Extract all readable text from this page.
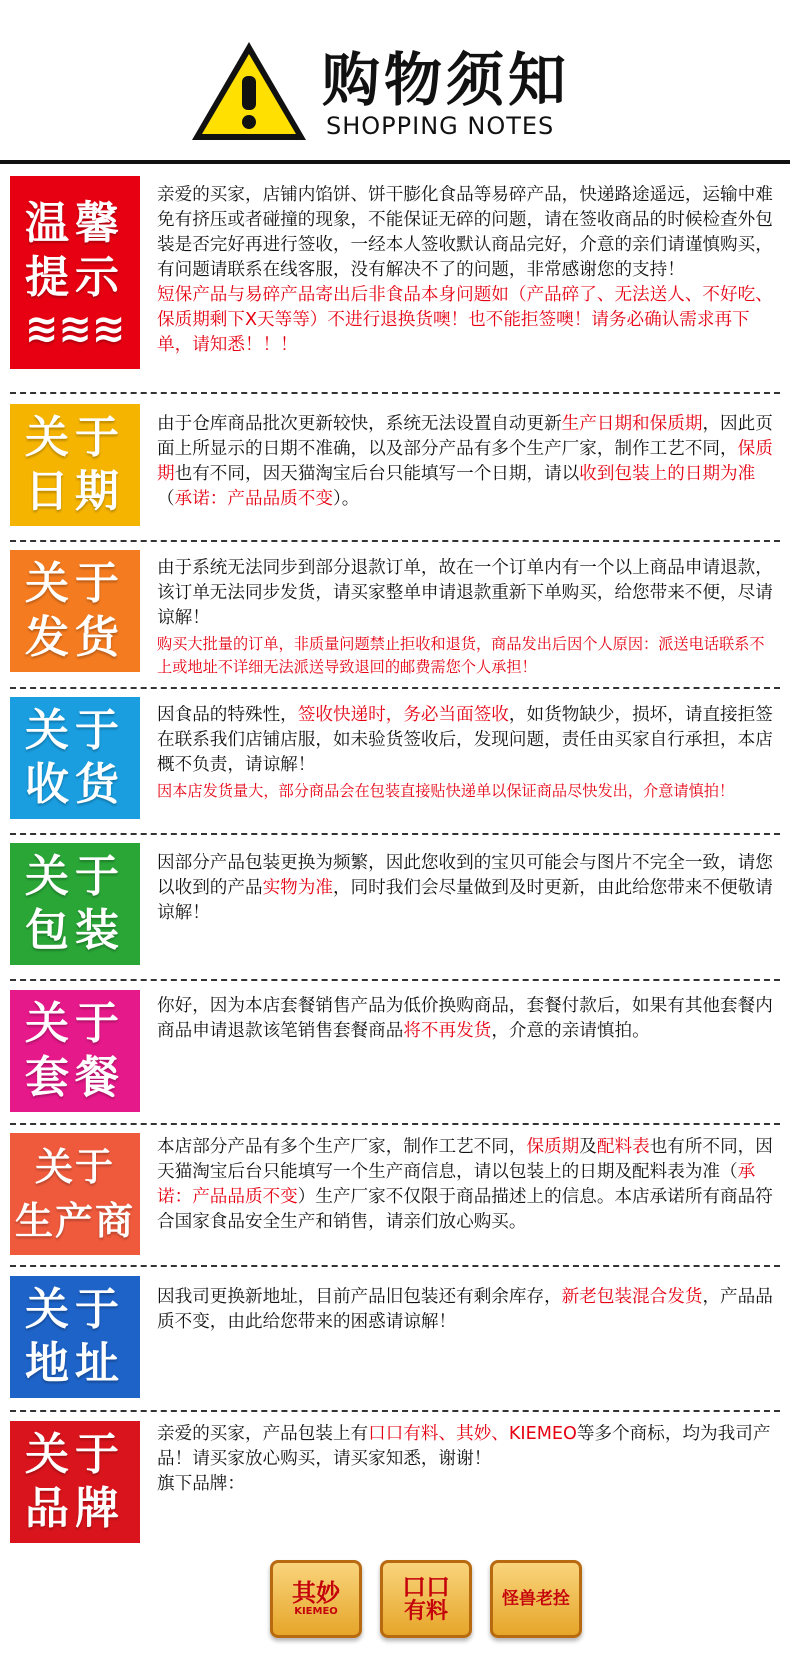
购物须知
SHOPPING NOTES
温馨
提示
≋≋≋
亲爱的买家，店铺内馅饼、饼干膨化食品等易碎产品，快递路途遥远，运输中难免有挤压或者碰撞的现象，不能保证无碎的问题，请在签收商品的时候检查外包装是否完好再进行签收，一经本人签收默认商品完好，介意的亲们请谨慎购买，有问题请联系在线客服，没有解决不了的问题，非常感谢您的支持！
短保产品与易碎产品寄出后非食品本身问题如（产品碎了、无法送人、不好吃、保质期剩下X天等等）不进行退换货噢！也不能拒签噢！请务必确认需求再下单，请知悉！！！
关于
日期
由于仓库商品批次更新较快，系统无法设置自动更新生产日期和保质期，因此页面上所显示的日期不准确，以及部分产品有多个生产厂家，制作工艺不同，保质期也有不同，因天猫淘宝后台只能填写一个日期，请以收到包装上的日期为准（承诺：产品品质不变）。
关于
发货
由于系统无法同步到部分退款订单，故在一个订单内有一个以上商品申请退款，该订单无法同步发货，请买家整单申请退款重新下单购买，给您带来不便，尽请谅解！
购买大批量的订单，非质量问题禁止拒收和退货，商品发出后因个人原因：派送电话联系不上或地址不详细无法派送导致退回的邮费需您个人承担！
关于
收货
因食品的特殊性，签收快递时，务必当面签收，如货物缺少，损坏，请直接拒签在联系我们店铺店服，如未验货签收后，发现问题，责任由买家自行承担，本店概不负责，请谅解！
因本店发货量大，部分商品会在包装直接贴快递单以保证商品尽快发出，介意请慎拍！
关于
包装
因部分产品包装更换为频繁，因此您收到的宝贝可能会与图片不完全一致，请您以收到的产品实物为准，同时我们会尽量做到及时更新，由此给您带来不便敬请谅解！
关于
套餐
你好，因为本店套餐销售产品为低价换购商品，套餐付款后，如果有其他套餐内商品申请退款该笔销售套餐商品将不再发货，介意的亲请慎拍。
关于
生产商
本店部分产品有多个生产厂家，制作工艺不同，保质期及配料表也有所不同，因天猫淘宝后台只能填写一个生产商信息，请以包装上的日期及配料表为准（承诺：产品品质不变）生产厂家不仅限于商品描述上的信息。本店承诺所有商品符合国家食品安全生产和销售，请亲们放心购买。
关于
地址
因我司更换新地址，目前产品旧包装还有剩余库存，新老包装混合发货，产品品质不变，由此给您带来的困惑请谅解！
关于
品牌
亲爱的买家，产品包装上有口口有料、其妙、KIEMEO等多个商标，均为我司产品！请买家放心购买，请买家知悉，谢谢！
旗下品牌：
其妙
KIEMEO
口口
有料	怪兽老拴
